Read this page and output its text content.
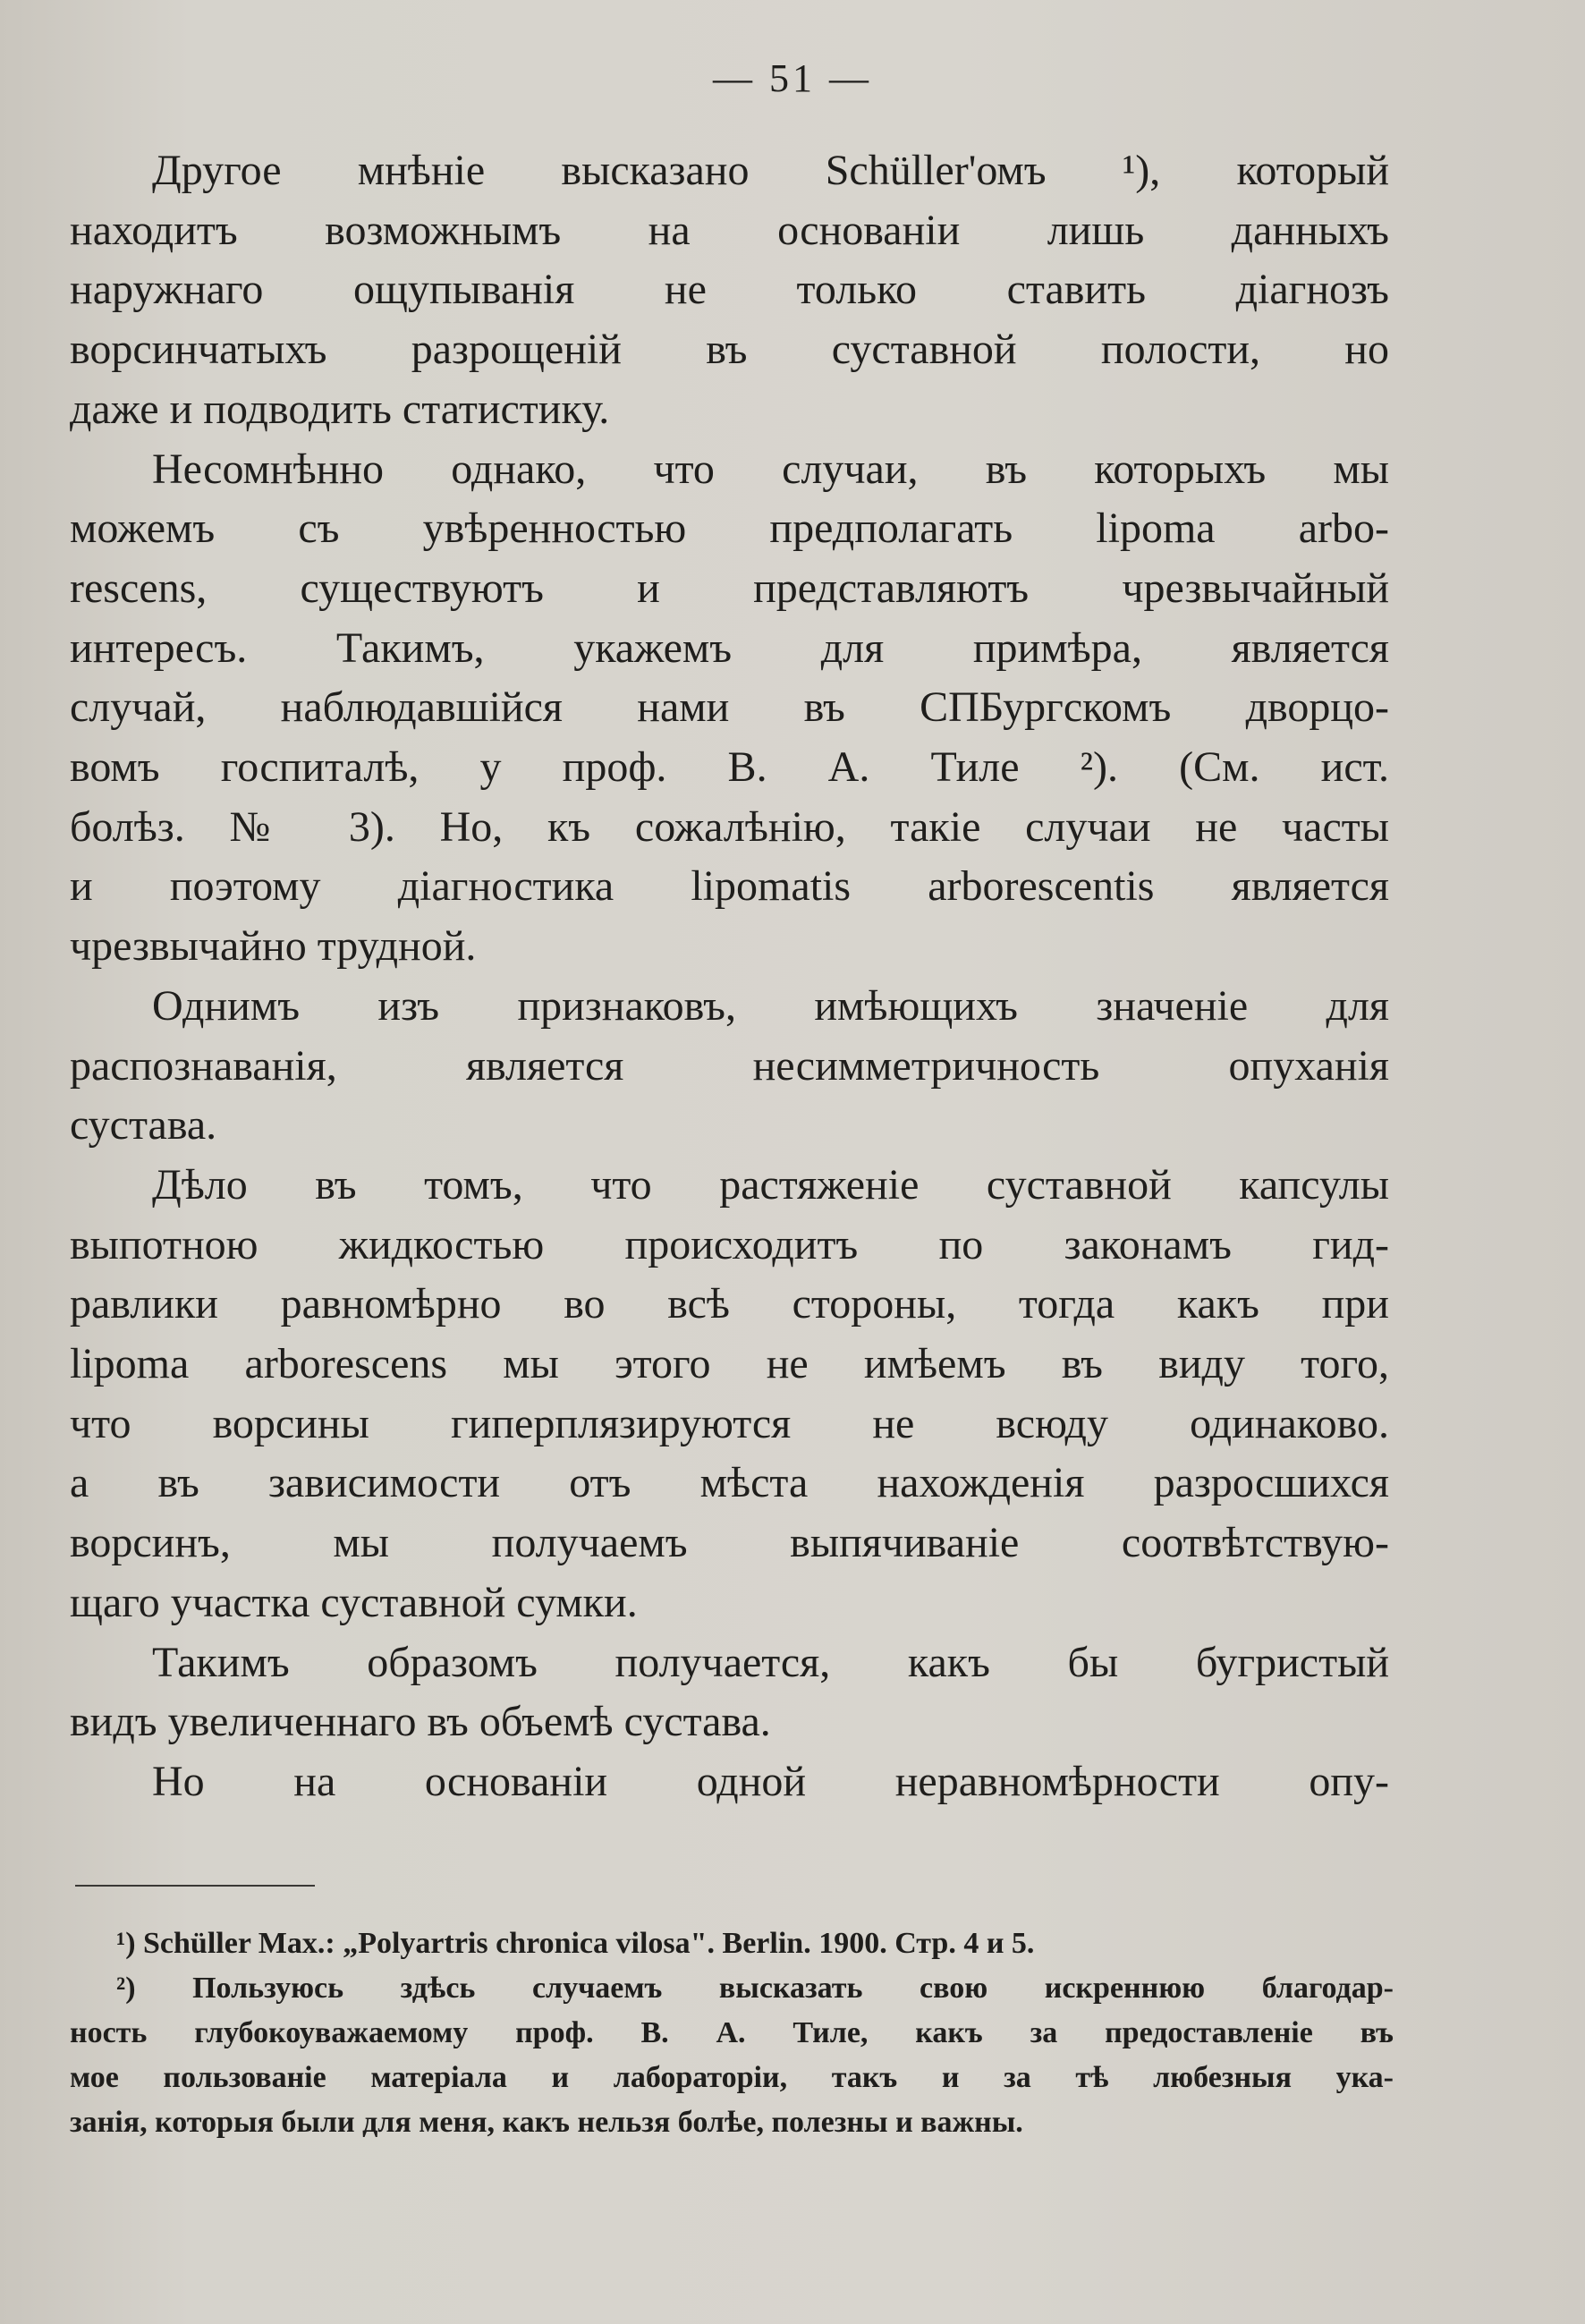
— 51 —
Другое мнѣніе высказано Schüller'омъ ¹), который
находитъ возможнымъ на основаніи лишь данныхъ
наружнаго ощупыванія не только ставить діагнозъ
ворсинчатыхъ разрощеній въ суставной полости, но
даже и подводить статистику.
Несомнѣнно однако, что случаи, въ которыхъ мы
можемъ съ увѣренностью предполагать lipoma arbo-
rescens, существуютъ и представляютъ чрезвычайный
интересъ. Такимъ, укажемъ для примѣра, является
случай, наблюдавшійся нами въ СПБургскомъ дворцо-
вомъ госпиталѣ, у проф. В. А. Тиле ²). (См. ист.
болѣз. № 3). Но, къ сожалѣнію, такіе случаи не часты
и поэтому діагностика lipomatis arborescentis является
чрезвычайно трудной.
Однимъ изъ признаковъ, имѣющихъ значеніе для
распознаванія, является несимметричность опуханія
сустава.
Дѣло въ томъ, что растяженіе суставной капсулы
выпотною жидкостью происходитъ по законамъ гид-
равлики равномѣрно во всѣ стороны, тогда какъ при
lipoma arborescens мы этого не имѣемъ въ виду того,
что ворсины гиперплязируются не всюду одинаково.
а въ зависимости отъ мѣста нахожденія разросшихся
ворсинъ, мы получаемъ выпячиваніе соотвѣтствую-
щаго участка суставной сумки.
Такимъ образомъ получается, какъ бы бугристый
видъ увеличеннаго въ объемѣ сустава.
Но на основаніи одной неравномѣрности опу-
¹) Schüller Max.: „Polyartris chronica vilosa". Berlin. 1900. Стр. 4 и 5.
²) Пользуюсь здѣсь случаемъ высказать свою искреннюю благодар-
ность глубокоуважаемому проф. В. А. Тиле, какъ за предоставленіе въ
мое пользованіе матеріала и лабораторіи, такъ и за тѣ любезныя ука-
занія, которыя были для меня, какъ нельзя болѣе, полезны и важны.
